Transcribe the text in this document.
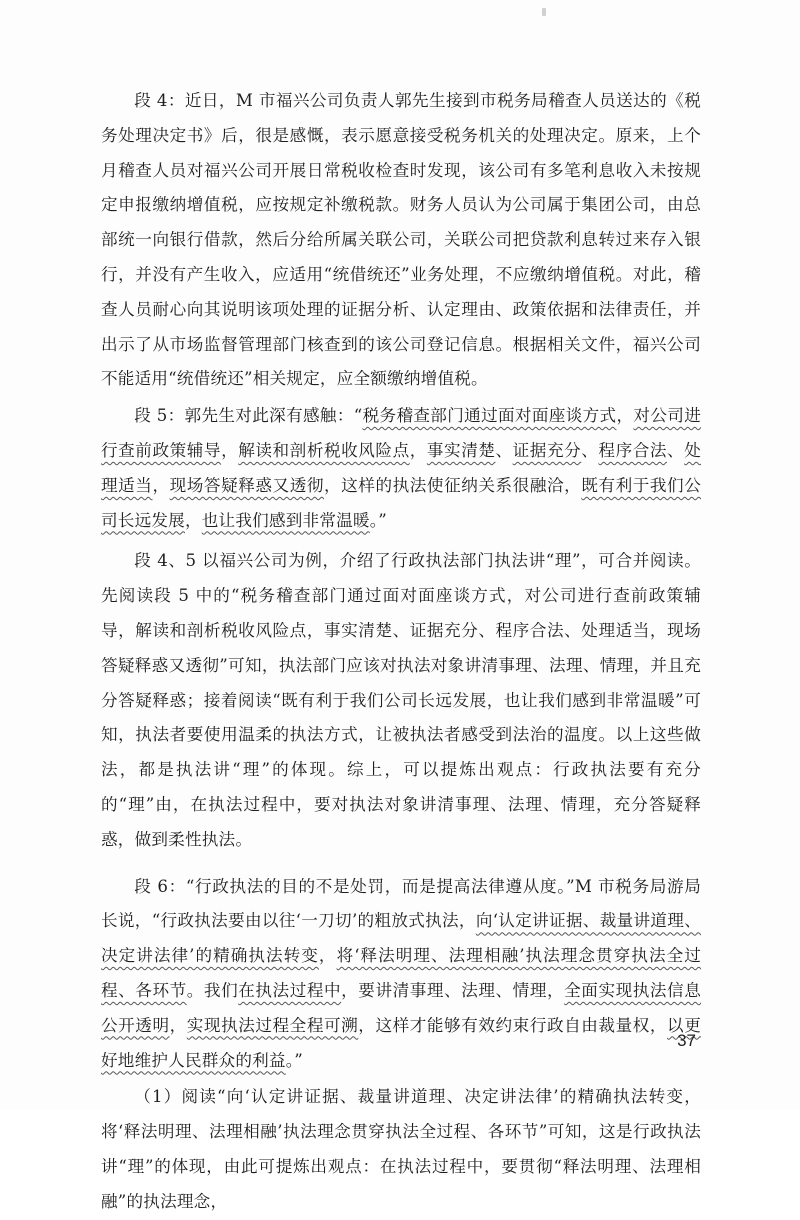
段 4：近日，M 市福兴公司负责人郭先生接到市税务局稽查人员送达的《税务处理决定书》后，很是感慨，表示愿意接受税务机关的处理决定。原来，上个月稽查人员对福兴公司开展日常税收检查时发现，该公司有多笔利息收入未按规定申报缴纳增值税，应按规定补缴税款。财务人员认为公司属于集团公司，由总部统一向银行借款，然后分给所属关联公司，关联公司把贷款利息转过来存入银行，并没有产生收入，应适用“统借统还”业务处理，不应缴纳增值税。对此，稽查人员耐心向其说明该项处理的证据分析、认定理由、政策依据和法律责任，并出示了从市场监督管理部门核查到的该公司登记信息。根据相关文件，福兴公司不能适用“统借统还”相关规定，应全额缴纳增值税。

段 5：郭先生对此深有感触：“税务稽查部门通过面对面座谈方式，对公司进行查前政策辅导，解读和剖析税收风险点，事实清楚、证据充分、程序合法、处理适当，现场答疑释惑又透彻，这样的执法使征纳关系很融洽，既有利于我们公司长远发展，也让我们感到非常温暖。”

段 4、5 以福兴公司为例，介绍了行政执法部门执法讲“理”，可合并阅读。先阅读段 5 中的“税务稽查部门通过面对面座谈方式，对公司进行查前政策辅导，解读和剖析税收风险点，事实清楚、证据充分、程序合法、处理适当，现场答疑释惑又透彻”可知，执法部门应该对执法对象讲清事理、法理、情理，并且充分答疑释惑；接着阅读“既有利于我们公司长远发展，也让我们感到非常温暖”可知，执法者要使用温柔的执法方式，让被执法者感受到法治的温度。以上这些做法，都是执法讲“理”的体现。综上，可以提炼出观点：行政执法要有充分的“理”由，在执法过程中，要对执法对象讲清事理、法理、情理，充分答疑释惑，做到柔性执法。

段 6：“行政执法的目的不是处罚，而是提高法律遵从度。”M 市税务局游局长说，“行政执法要由以往‘一刀切’的粗放式执法，向‘认定讲证据、裁量讲道理、决定讲法律’的精确执法转变，将‘释法明理、法理相融’执法理念贯穿执法全过程、各环节。我们在执法过程中，要讲清事理、法理、情理，全面实现执法信息公开透明，实现执法过程全程可溯，这样才能够有效约束行政自由裁量权，以更好地维护人民群众的利益。”

（1）阅读“向‘认定讲证据、裁量讲道理、决定讲法律’的精确执法转变，将‘释法明理、法理相融’执法理念贯穿执法全过程、各环节”可知，这是行政执法讲“理”的体现，由此可提炼出观点：在执法过程中，要贯彻“释法明理、法理相融”的执法理念，

37
